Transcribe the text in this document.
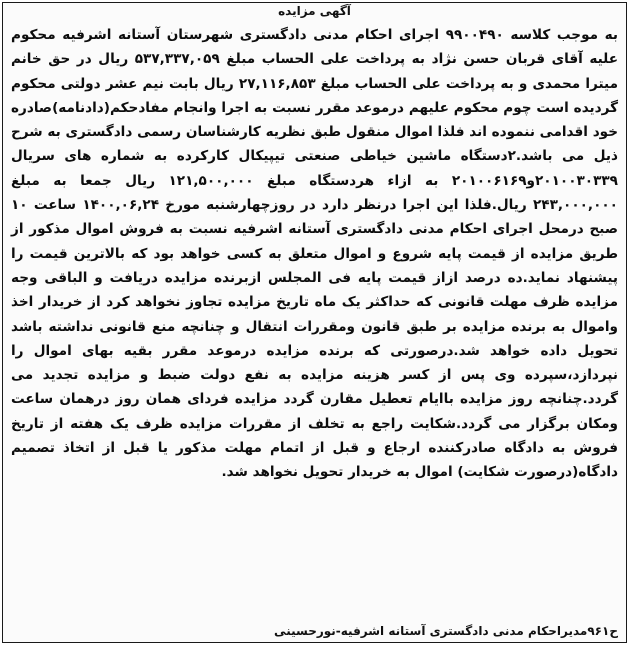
آگهی مزایده

به موجب کلاسه ۹۹۰۰۴۹۰ اجرای احکام مدنی دادگستری شهرستان آستانه اشرفیه محکوم علیه آقای قربان حسن نژاد به پرداخت علی الحساب مبلغ ۵۳۷,۳۳۷,۰۵۹ ریال در حق خانم میترا محمدی و به پرداخت علی الحساب مبلغ ۲۷,۱۱۶,۸۵۳ ریال بابت نیم عشر دولتی محکوم گردیده است چوم محکوم علیهم درموعد مقرر نسبت به اجرا وانجام مفادحکم(دادنامه)صادره خود اقدامی ننموده اند فلذا اموال منقول طبق نظریه کارشناسان رسمی دادگستری به شرح ذیل می باشد.۲دستگاه ماشین خیاطی صنعتی تیپیکال کارکرده به شماره های سریال ۲۰۱۰۰۳۰۳۳۹و۲۰۱۰۰۶۱۶۹ به ازاء هردستگاه مبلغ ۱۲۱,۵۰۰,۰۰۰ ریال جمعا به مبلغ ۲۴۳,۰۰۰,۰۰۰ ریال.فلذا این اجرا درنظر دارد در روزچهارشنبه مورخ ۱۴۰۰,۰۶,۲۴ ساعت ۱۰ صبح درمحل اجرای احکام مدنی دادگستری آستانه اشرفیه نسبت به فروش اموال مذکور از طریق مزایده از قیمت پایه شروع و اموال متعلق به کسی خواهد بود که بالاترین قیمت را پیشنهاد نماید.ده درصد ازاز قیمت پایه فی المجلس ازبرنده مزایده دریافت و الباقی وجه مزایده ظرف مهلت قانونی که حداکثر یک ماه تاریخ مزایده تجاوز نخواهد کرد از خریدار اخذ واموال به برنده مزایده بر طبق قانون ومقررات انتقال و چنانچه منع قانونی نداشته باشد تحویل داده خواهد شد.درصورتی که برنده مزایده درموعد مقرر بقیه بهای اموال را نپردازد،سپرده وی پس از کسر هزینه مزایده به نفع دولت ضبط و مزایده تجدید می گردد.چنانچه روز مزایده باایام تعطیل مقارن گردد مزایده فردای همان روز درهمان ساعت ومکان برگزار می گردد.شکایت راجع به تخلف از مقررات مزایده ظرف یک هفته از تاریخ فروش به دادگاه صادرکننده ارجاع و قبل از اتمام مهلت مذکور یا قبل از اتخاذ تصمیم دادگاه(درصورت شکایت) اموال به خریدار تحویل نخواهد شد.

ح۹۶۱مدیراحکام مدنی دادگستری آستانه اشرفیه-نورحسینی
